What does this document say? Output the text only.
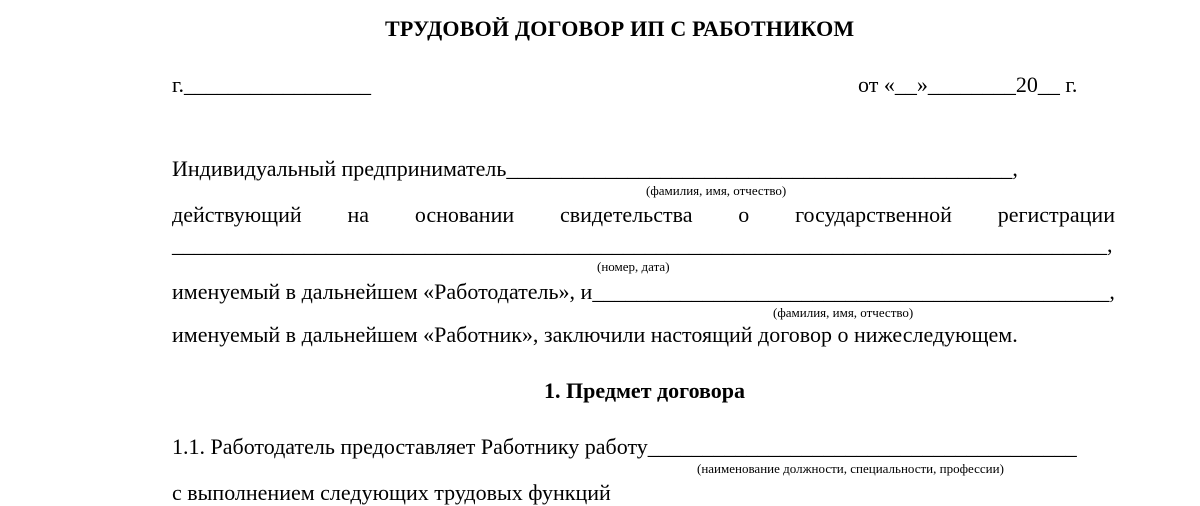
ТРУДОВОЙ ДОГОВОР ИП С РАБОТНИКОМ
г._________________	от «__»________20__ г.
Индивидуальный предприниматель______________________________________________,
(фамилия, имя, отчество)
действующий на основании свидетельства о государственной регистрации
_____________________________________________________________________________________,
(номер, дата)
именуемый в дальнейшем «Работодатель», и_______________________________________________,
(фамилия, имя, отчество)
именуемый в дальнейшем «Работник», заключили настоящий договор о нижеследующем.
1. Предмет договора
1.1. Работодатель предоставляет Работнику работу_______________________________________
(наименование должности, специальности, профессии)
с выполнением следующих трудовых функций
